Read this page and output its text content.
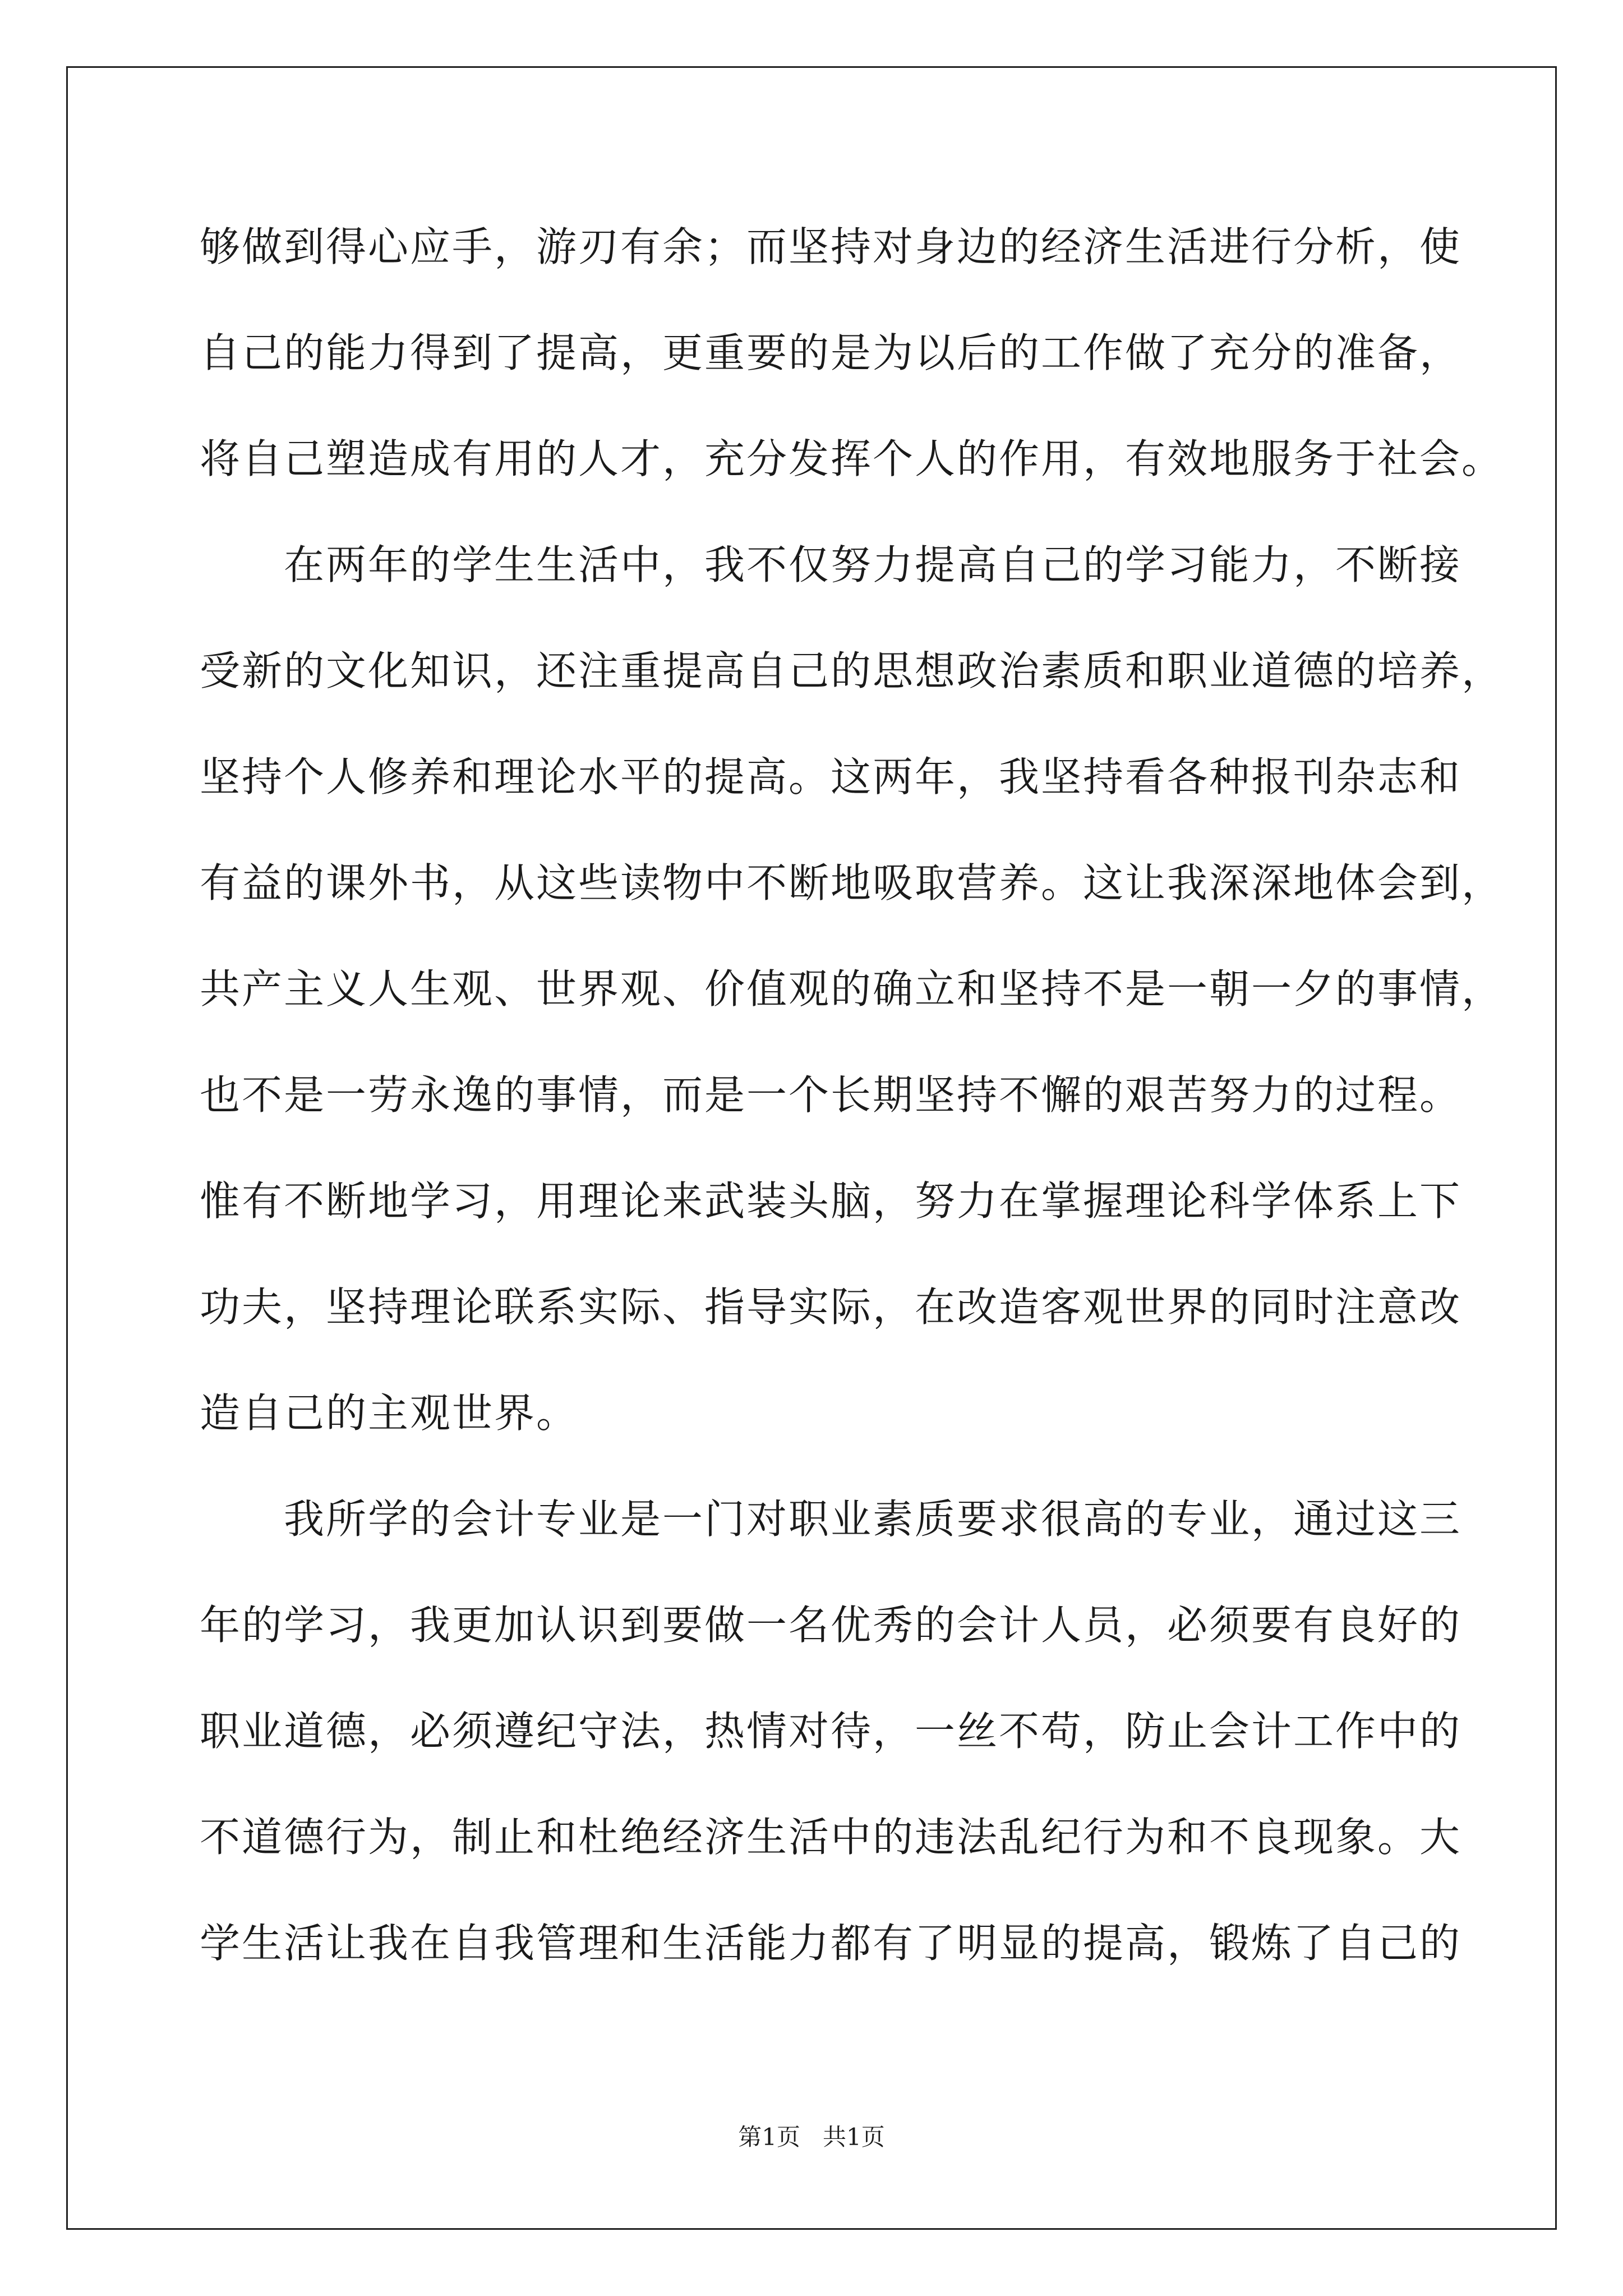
够做到得心应手，游刃有余；而坚持对身边的经济生活进行分析，使
自己的能力得到了提高，更重要的是为以后的工作做了充分的准备，
将自己塑造成有用的人才，充分发挥个人的作用，有效地服务于社会。
在两年的学生生活中，我不仅努力提高自己的学习能力，不断接
受新的文化知识，还注重提高自己的思想政治素质和职业道德的培养，
坚持个人修养和理论水平的提高。这两年，我坚持看各种报刊杂志和
有益的课外书，从这些读物中不断地吸取营养。这让我深深地体会到，
共产主义人生观、世界观、价值观的确立和坚持不是一朝一夕的事情，
也不是一劳永逸的事情，而是一个长期坚持不懈的艰苦努力的过程。
惟有不断地学习，用理论来武装头脑，努力在掌握理论科学体系上下
功夫，坚持理论联系实际、指导实际，在改造客观世界的同时注意改
造自己的主观世界。
我所学的会计专业是一门对职业素质要求很高的专业，通过这三
年的学习，我更加认识到要做一名优秀的会计人员，必须要有良好的
职业道德，必须遵纪守法，热情对待，一丝不苟，防止会计工作中的
不道德行为，制止和杜绝经济生活中的违法乱纪行为和不良现象。大
学生活让我在自我管理和生活能力都有了明显的提高，锻炼了自己的
第1页   共1页
